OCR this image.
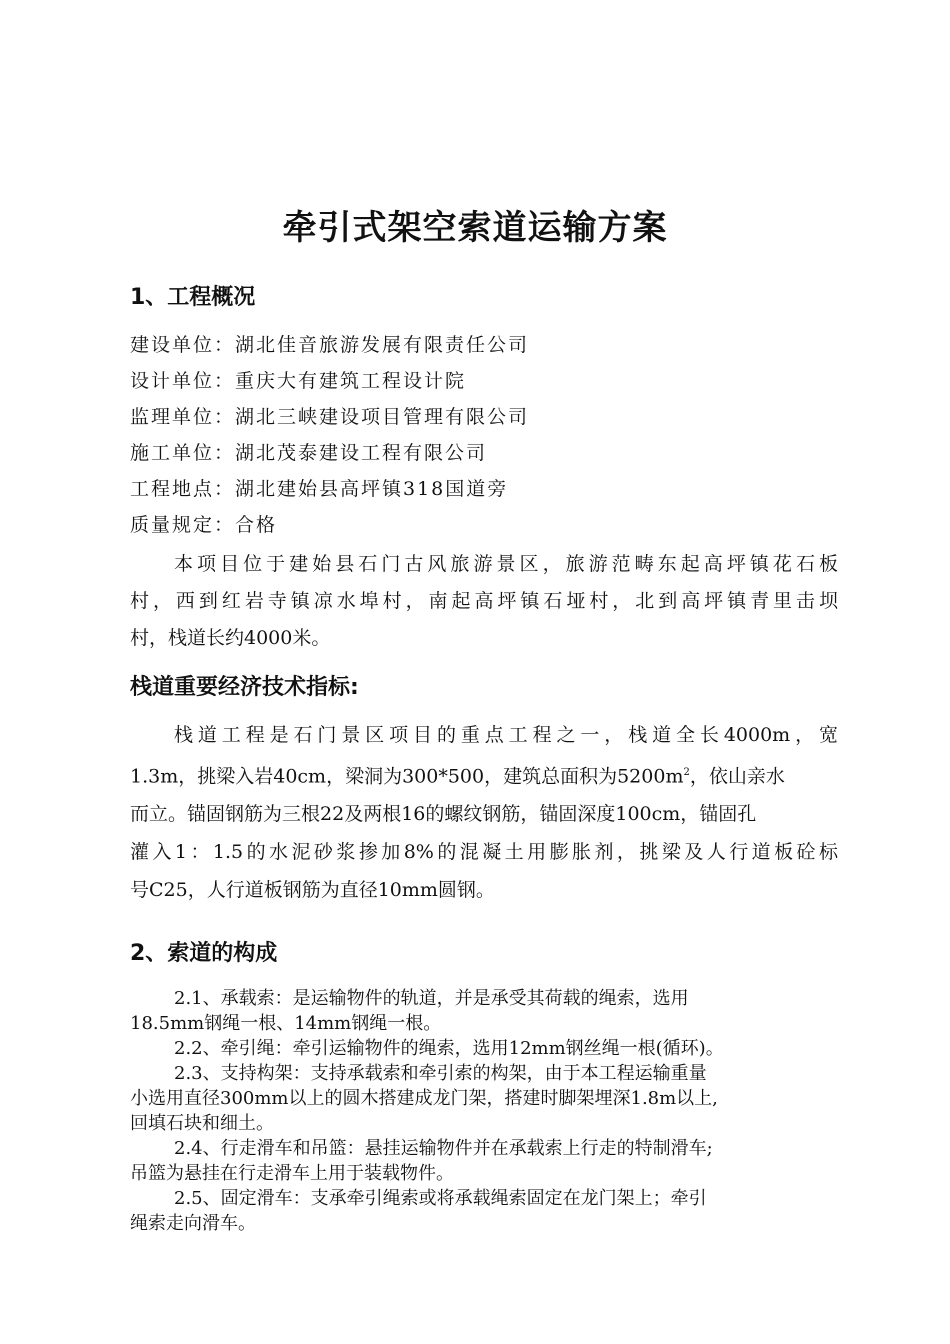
牵引式架空索道运输方案
1、工程概况
建设单位：湖北佳音旅游发展有限责任公司
设计单位：重庆大有建筑工程设计院
监理单位：湖北三峡建设项目管理有限公司
施工单位：湖北茂泰建设工程有限公司
工程地点：湖北建始县高坪镇318国道旁
质量规定：合格
本项目位于建始县石门古风旅游景区，旅游范畴东起高坪镇花石板
村，西到红岩寺镇凉水埠村，南起高坪镇石垭村，北到高坪镇青里击坝
村，栈道长约4000米。
栈道重要经济技术指标:
栈道工程是石门景区项目的重点工程之一，栈道全长4000m，宽
1.3m，挑梁入岩40cm，梁洞为300*500，建筑总面积为$5200m^2$，依山亲水
而立。锚固钢筋为三根22及两根16的螺纹钢筋，锚固深度100cm，锚固孔
灌入1：1.5的水泥砂浆掺加8%的混凝土用膨胀剂，挑梁及人行道板砼标
号C25，人行道板钢筋为直径10mm圆钢。
2、索道的构成
2.1、承载索：是运输物件的轨道，并是承受其荷载的绳索，选用
18.5mm钢绳一根、14mm钢绳一根。
2.2、牵引绳：牵引运输物件的绳索，选用12mm钢丝绳一根(循环)。
2.3、支持构架：支持承载索和牵引索的构架，由于本工程运输重量
小选用直径300mm以上的圆木搭建成龙门架，搭建时脚架埋深1.8m以上,
回填石块和细土。
2.4、行走滑车和吊篮：悬挂运输物件并在承载索上行走的特制滑车;
吊篮为悬挂在行走滑车上用于装载物件。
2.5、固定滑车：支承牵引绳索或将承载绳索固定在龙门架上；牵引
绳索走向滑车。
